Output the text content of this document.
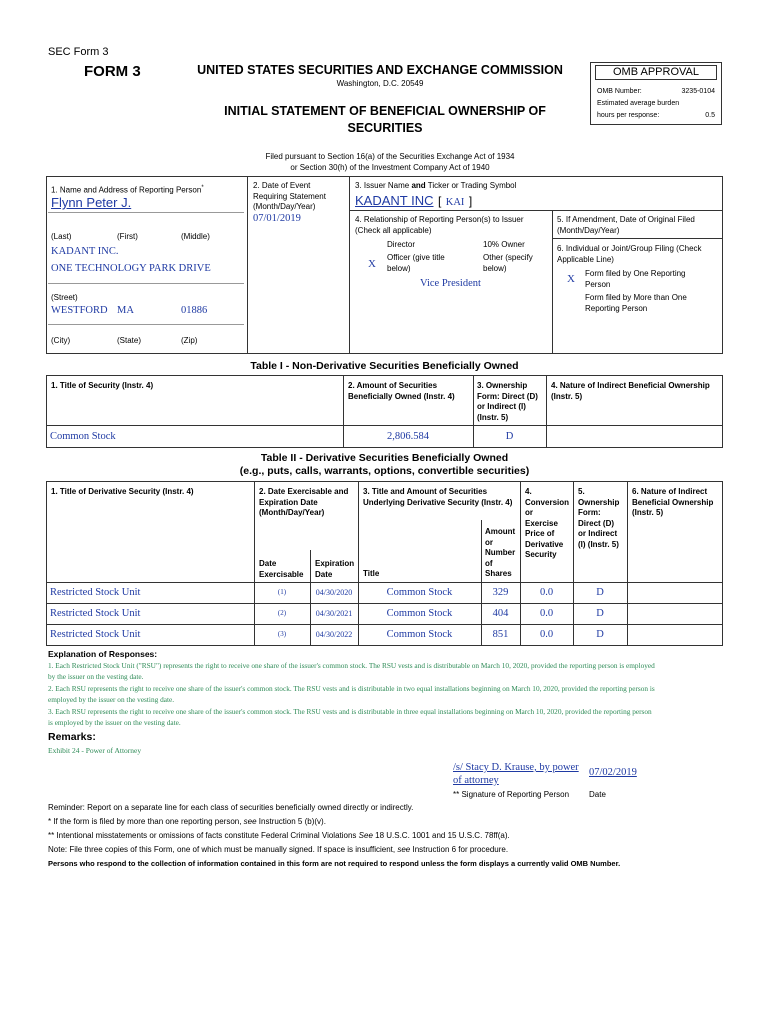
SEC Form 3
FORM 3	UNITED STATES SECURITIES AND EXCHANGE COMMISSION
Washington, D.C. 20549
INITIAL STATEMENT OF BENEFICIAL OWNERSHIP OF
SECURITIES
Filed pursuant to Section 16(a) of the Securities Exchange Act of 1934
or Section 30(h) of the Investment Company Act of 1940
OMB APPROVAL
OMB Number:	3235-0104
Estimated average burden
hours per response:	0.5
1. Name and Address of Reporting Person*
Flynn Peter J.
(Last)	(First)	(Middle)
KADANT INC.
ONE TECHNOLOGY PARK DRIVE
(Street)
WESTFORD MA	01886
(City)	(State)	(Zip)
2. Date of Event
Requiring Statement
(Month/Day/Year)
07/01/2019
3. Issuer Name and Ticker or Trading Symbol
KADANT INC [ KAI ]
4. Relationship of Reporting Person(s) to Issuer
(Check all applicable)
Director	10% Owner
X
Officer (give title
below)
Other (specify
below)
Vice President
5. If Amendment, Date of Original Filed
(Month/Day/Year)
6. Individual or Joint/Group Filing (Check
Applicable Line)
X Form filed by One Reporting
Person
Form filed by More than One
Reporting Person
Table I - Non-Derivative Securities Beneficially Owned
1. Title of Security (Instr. 4)	2. Amount of Securities
Beneficially Owned (Instr. 4)
3. Ownership
Form: Direct (D)
or Indirect (I)
(Instr. 5)
4. Nature of Indirect Beneficial Ownership
(Instr. 5)
Common Stock	2,806.584	D
Table II - Derivative Securities Beneficially Owned
(e.g., puts, calls, warrants, options, convertible securities)
1. Title of Derivative Security (Instr. 4)	2. Date Exercisable and
Expiration Date
(Month/Day/Year)
Date
Exercisable
Expiration
Date
3. Title and Amount of Securities
Underlying Derivative Security (Instr. 4)
Title
Amount
or
Number
of
Shares
4.
Conversion
or
Exercise
Price of
Derivative
Security
5.
Ownership
Form:
Direct (D)
or Indirect
(I) (Instr. 5)
6. Nature of Indirect
Beneficial Ownership
(Instr. 5)
Restricted Stock Unit	(1)	04/30/2020	Common Stock	329	0.0	D
Restricted Stock Unit	(2)	04/30/2021	Common Stock	404	0.0	D
Restricted Stock Unit	(3)	04/30/2022	Common Stock	851	0.0	D
Explanation of Responses:
1. Each Restricted Stock Unit ("RSU") represents the right to receive one share of the issuer's common stock. The RSU vests and is distributable on March 10, 2020, provided the reporting person is employed
by the issuer on the vesting date.
2. Each RSU represents the right to receive one share of the issuer's common stock. The RSU vests and is distributable in two equal installations beginning on March 10, 2020, provided the reporting person is
employed by the issuer on the vesting date.
3. Each RSU represents the right to receive one share of the issuer's common stock. The RSU vests and is distributable in three equal installations beginning on March 10, 2020, provided the reporting person
is employed by the issuer on the vesting date.
Remarks:
Exhibit 24 - Power of Attorney
/s/ Stacy D. Krause, by power
of attorney
07/02/2019
** Signature of Reporting Person Date
Reminder: Report on a separate line for each class of securities beneficially owned directly or indirectly.
* If the form is filed by more than one reporting person, see Instruction 5 (b)(v).
** Intentional misstatements or omissions of facts constitute Federal Criminal Violations See 18 U.S.C. 1001 and 15 U.S.C. 78ff(a).
Note: File three copies of this Form, one of which must be manually signed. If space is insufficient, see Instruction 6 for procedure.
Persons who respond to the collection of information contained in this form are not required to respond unless the form displays a currently valid OMB Number.
